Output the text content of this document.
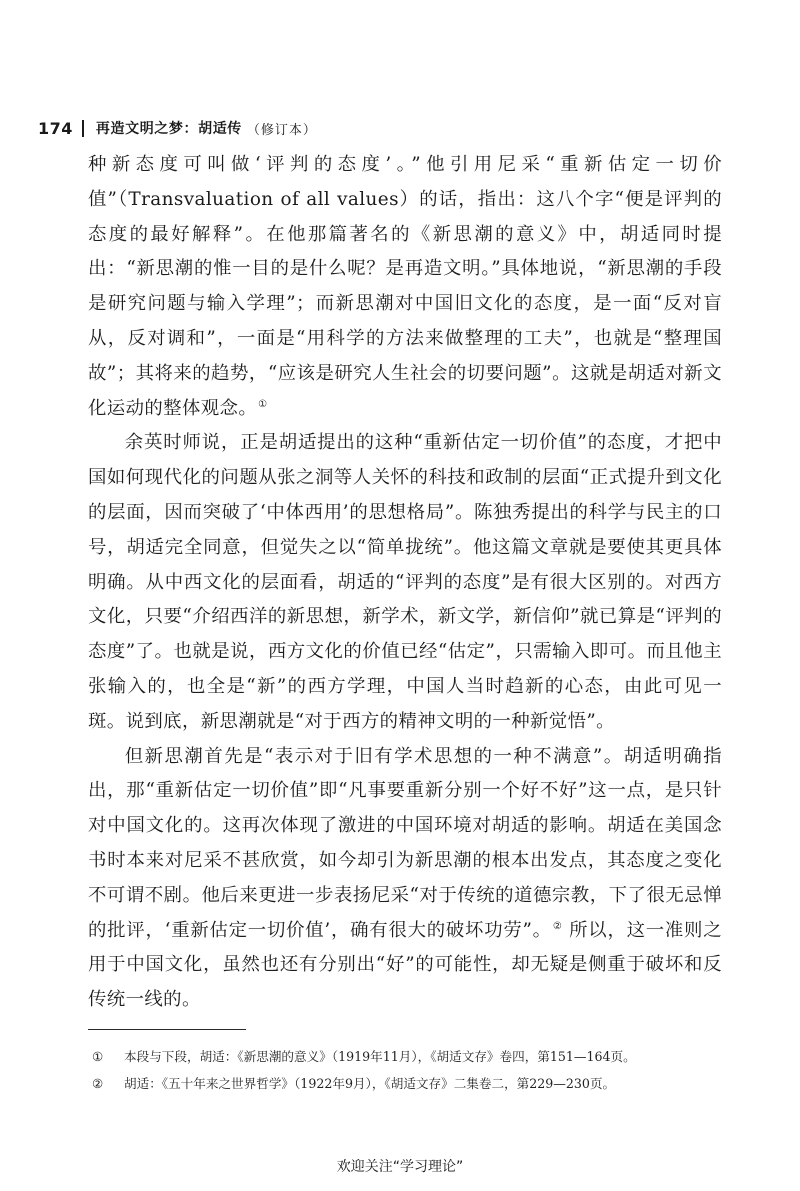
174 再造文明之梦：胡适传 （修订本）

种新态度可叫做‘评判的态度’。”他引用尼采“重新估定一切价值”（Transvaluation of all values）的话，指出：这八个字“便是评判的态度的最好解释”。在他那篇著名的《新思潮的意义》中，胡适同时提出：“新思潮的惟一目的是什么呢？是再造文明。”具体地说，“新思潮的手段是研究问题与输入学理”；而新思潮对中国旧文化的态度，是一面“反对盲从，反对调和”，一面是“用科学的方法来做整理的工夫”，也就是“整理国故”；其将来的趋势，“应该是研究人生社会的切要问题”。这就是胡适对新文化运动的整体观念。①

余英时师说，正是胡适提出的这种“重新估定一切价值”的态度，才把中国如何现代化的问题从张之洞等人关怀的科技和政制的层面“正式提升到文化的层面，因而突破了‘中体西用’的思想格局”。陈独秀提出的科学与民主的口号，胡适完全同意，但觉失之以“简单拢统”。他这篇文章就是要使其更具体明确。从中西文化的层面看，胡适的“评判的态度”是有很大区别的。对西方文化，只要“介绍西洋的新思想，新学术，新文学，新信仰”就已算是“评判的态度”了。也就是说，西方文化的价值已经“估定”，只需输入即可。而且他主张输入的，也全是“新”的西方学理，中国人当时趋新的心态，由此可见一斑。说到底，新思潮就是“对于西方的精神文明的一种新觉悟”。

但新思潮首先是“表示对于旧有学术思想的一种不满意”。胡适明确指出，那“重新估定一切价值”即“凡事要重新分别一个好不好”这一点，是只针对中国文化的。这再次体现了激进的中国环境对胡适的影响。胡适在美国念书时本来对尼采不甚欣赏，如今却引为新思潮的根本出发点，其态度之变化不可谓不剧。他后来更进一步表扬尼采“对于传统的道德宗教，下了很无忌惮的批评，‘重新估定一切价值’，确有很大的破坏功劳”。② 所以，这一准则之用于中国文化，虽然也还有分别出“好”的可能性，却无疑是侧重于破坏和反传统一线的。

①	本段与下段，胡适：《新思潮的意义》（1919年11月），《胡适文存》卷四，第151—164页。
②	胡适：《五十年来之世界哲学》（1922年9月），《胡适文存》二集卷二，第229—230页。
欢迎关注“学习理论”
